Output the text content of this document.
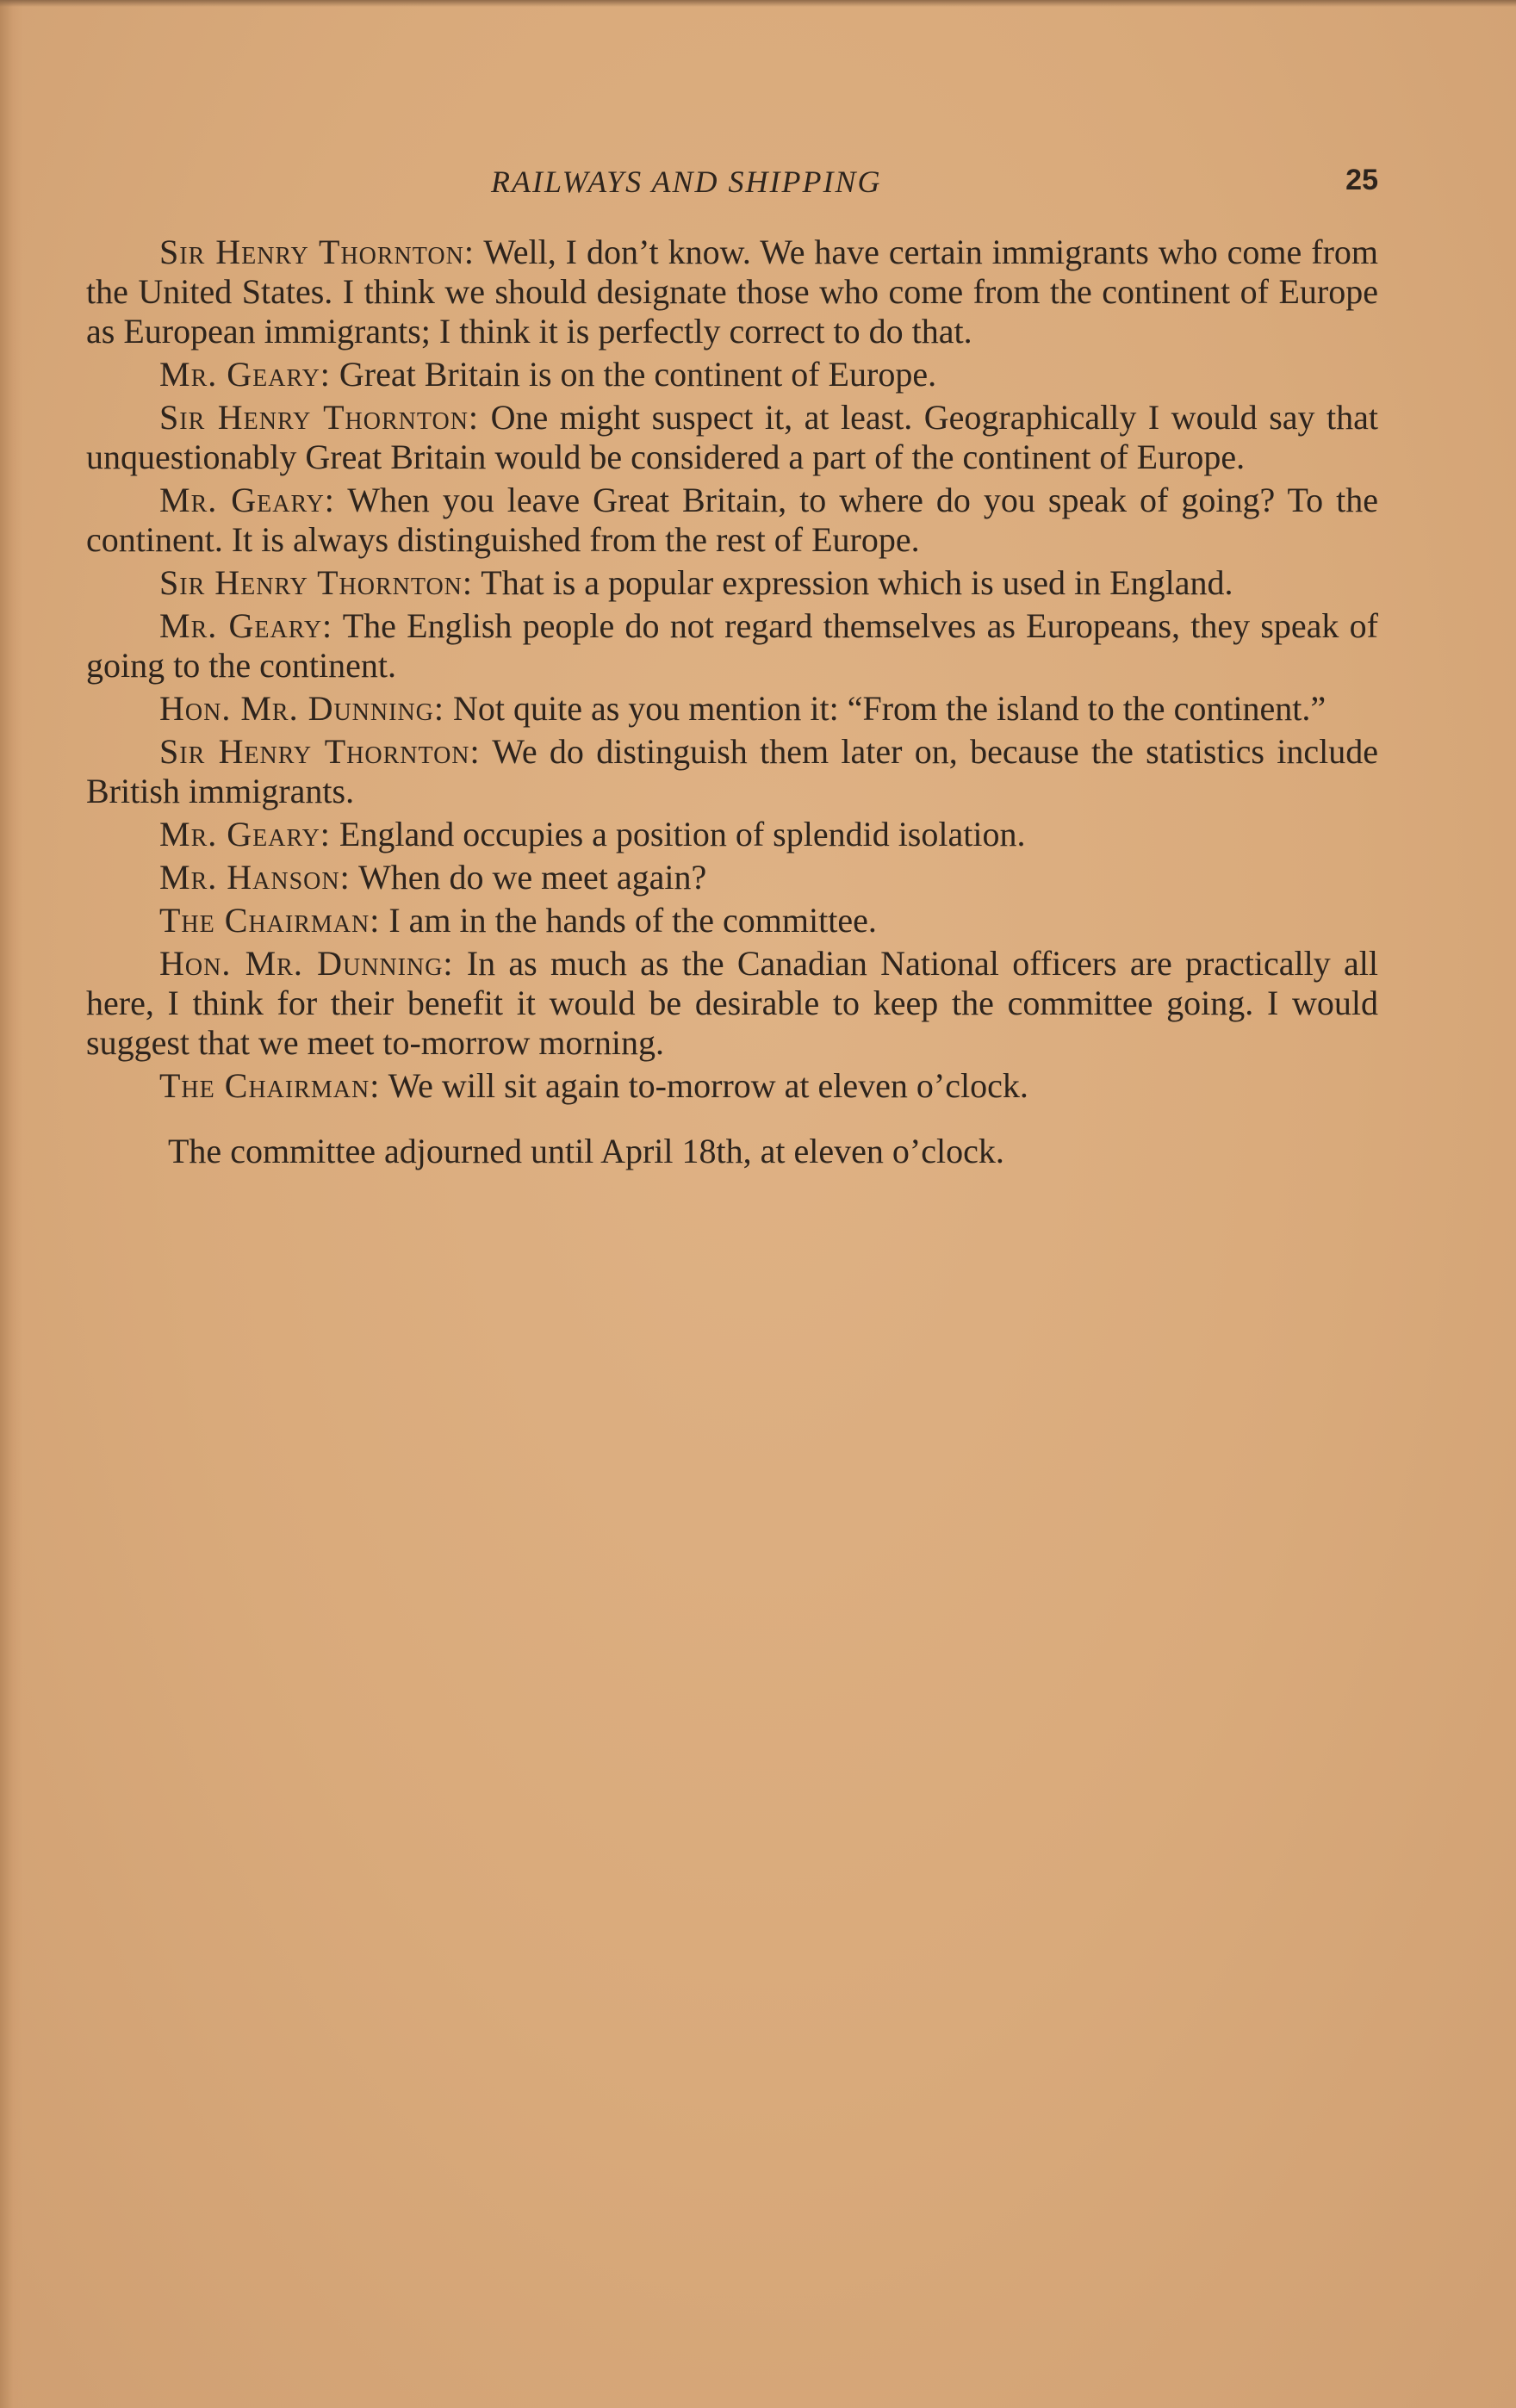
RAILWAYS AND SHIPPING	25

Sir Henry Thornton: Well, I don’t know. We have certain immigrants who come from the United States. I think we should designate those who come from the continent of Europe as European immigrants; I think it is perfectly correct to do that.

Mr. Geary: Great Britain is on the continent of Europe.

Sir Henry Thornton: One might suspect it, at least. Geographically I would say that unquestionably Great Britain would be considered a part of the continent of Europe.

Mr. Geary: When you leave Great Britain, to where do you speak of going? To the continent. It is always distinguished from the rest of Europe.

Sir Henry Thornton: That is a popular expression which is used in England.

Mr. Geary: The English people do not regard themselves as Europeans, they speak of going to the continent.

Hon. Mr. Dunning: Not quite as you mention it: “From the island to the continent.”

Sir Henry Thornton: We do distinguish them later on, because the statistics include British immigrants.

Mr. Geary: England occupies a position of splendid isolation.

Mr. Hanson: When do we meet again?

The Chairman: I am in the hands of the committee.

Hon. Mr. Dunning: In as much as the Canadian National officers are practically all here, I think for their benefit it would be desirable to keep the committee going. I would suggest that we meet to-morrow morning.

The Chairman: We will sit again to-morrow at eleven o’clock.

The committee adjourned until April 18th, at eleven o’clock.
